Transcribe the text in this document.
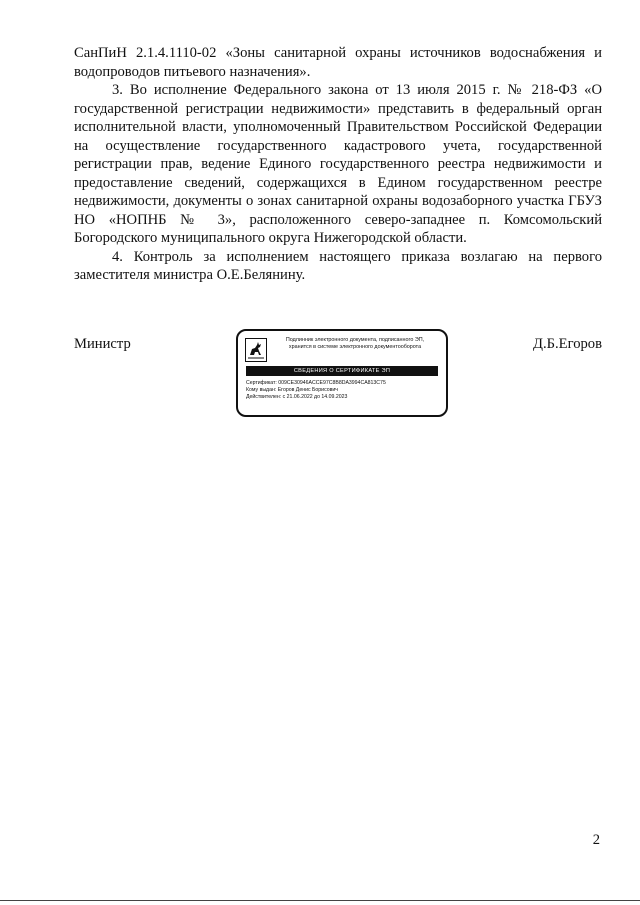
СанПиН 2.1.4.1110-02 «Зоны санитарной охраны источников водоснабжения и водопроводов питьевого назначения».

3. Во исполнение Федерального закона от 13 июля 2015 г. № 218-ФЗ «О государственной регистрации недвижимости» представить в федеральный орган исполнительной власти, уполномоченный Правительством Российской Федерации на осуществление государственного кадастрового учета, государственной регистрации прав, ведение Единого государственного реестра недвижимости и предоставление сведений, содержащихся в Едином государственном реестре недвижимости, документы о зонах санитарной охраны водозаборного участка ГБУЗ НО «НОПНБ № 3», расположенного северо-западнее п. Комсомольский Богородского муниципального округа Нижегородской области.

4. Контроль за исполнением настоящего приказа возлагаю на первого заместителя министра О.Е.Белянину.

Министр	Подлинник электронного документа, подписанного ЭП,
хранится в системе электронного документооборота
СВЕДЕНИЯ О СЕРТИФИКАТЕ ЭП
Сертификат: 009CE30946ACCE97C8B8DA3994CA813C75
Кому выдан: Егоров Денис Борисович
Действителен: с 21.06.2022 до 14.09.2023
Д.Б.Егоров
2
